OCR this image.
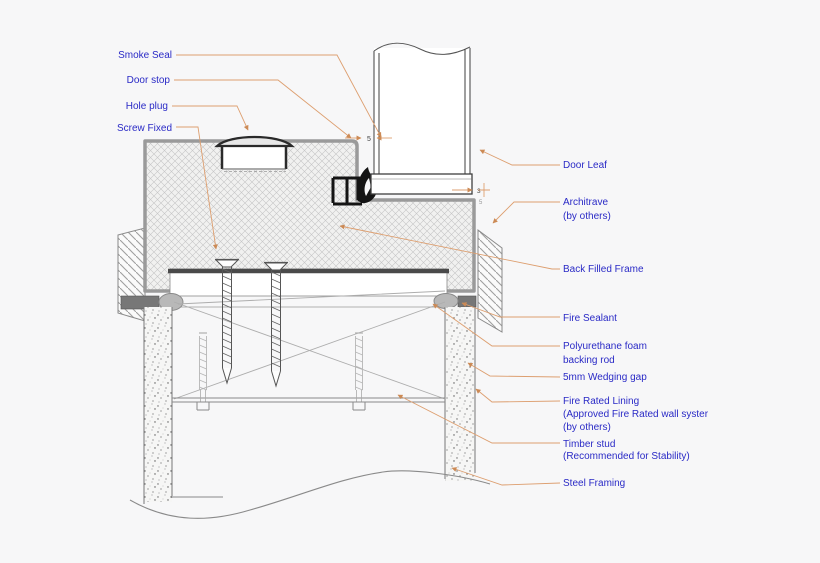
5
3
5
Smoke Seal
Door stop
Hole plug
Screw Fixed
Door Leaf
Architrave
(by others)
Back Filled Frame
Fire Sealant
Polyurethane foam
backing rod
5mm Wedging gap
Fire Rated Lining
(Approved Fire Rated wall syster
(by others)
Timber stud
(Recommended for Stability)
Steel Framing
